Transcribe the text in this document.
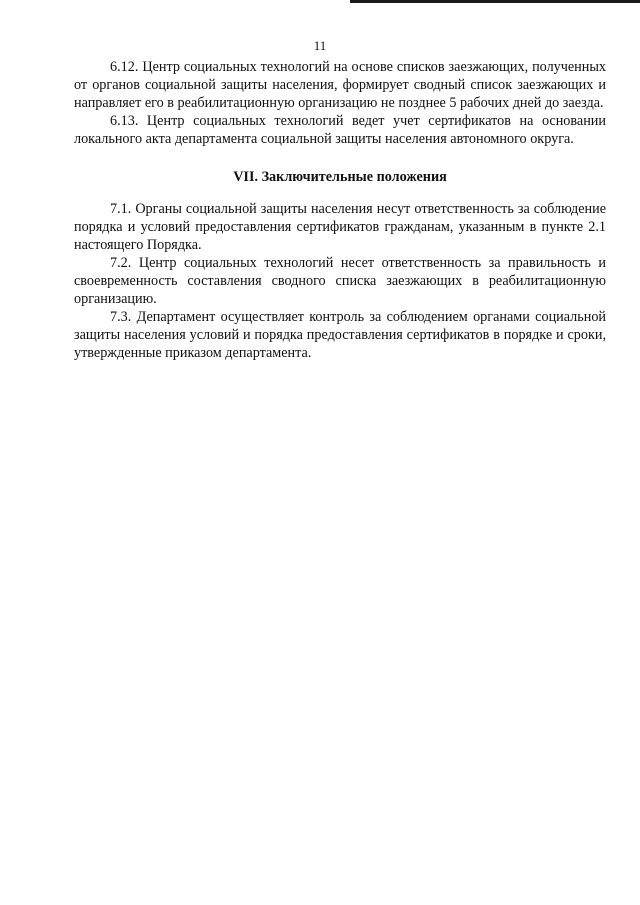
11

6.12. Центр социальных технологий на основе списков заезжающих, полученных от органов социальной защиты населения, формирует сводный список заезжающих и направляет его в реабилитационную организацию не позднее 5 рабочих дней до заезда.

6.13. Центр социальных технологий ведет учет сертификатов на основании локального акта департамента социальной защиты населения автономного округа.

VII. Заключительные положения

7.1. Органы социальной защиты населения несут ответственность за соблюдение порядка и условий предоставления сертификатов гражданам, указанным в пункте 2.1 настоящего Порядка.

7.2. Центр социальных технологий несет ответственность за правильность и своевременность составления сводного списка заезжающих в реабилитационную организацию.

7.3. Департамент осуществляет контроль за соблюдением органами социальной защиты населения условий и порядка предоставления сертификатов в порядке и сроки, утвержденные приказом департамента.
